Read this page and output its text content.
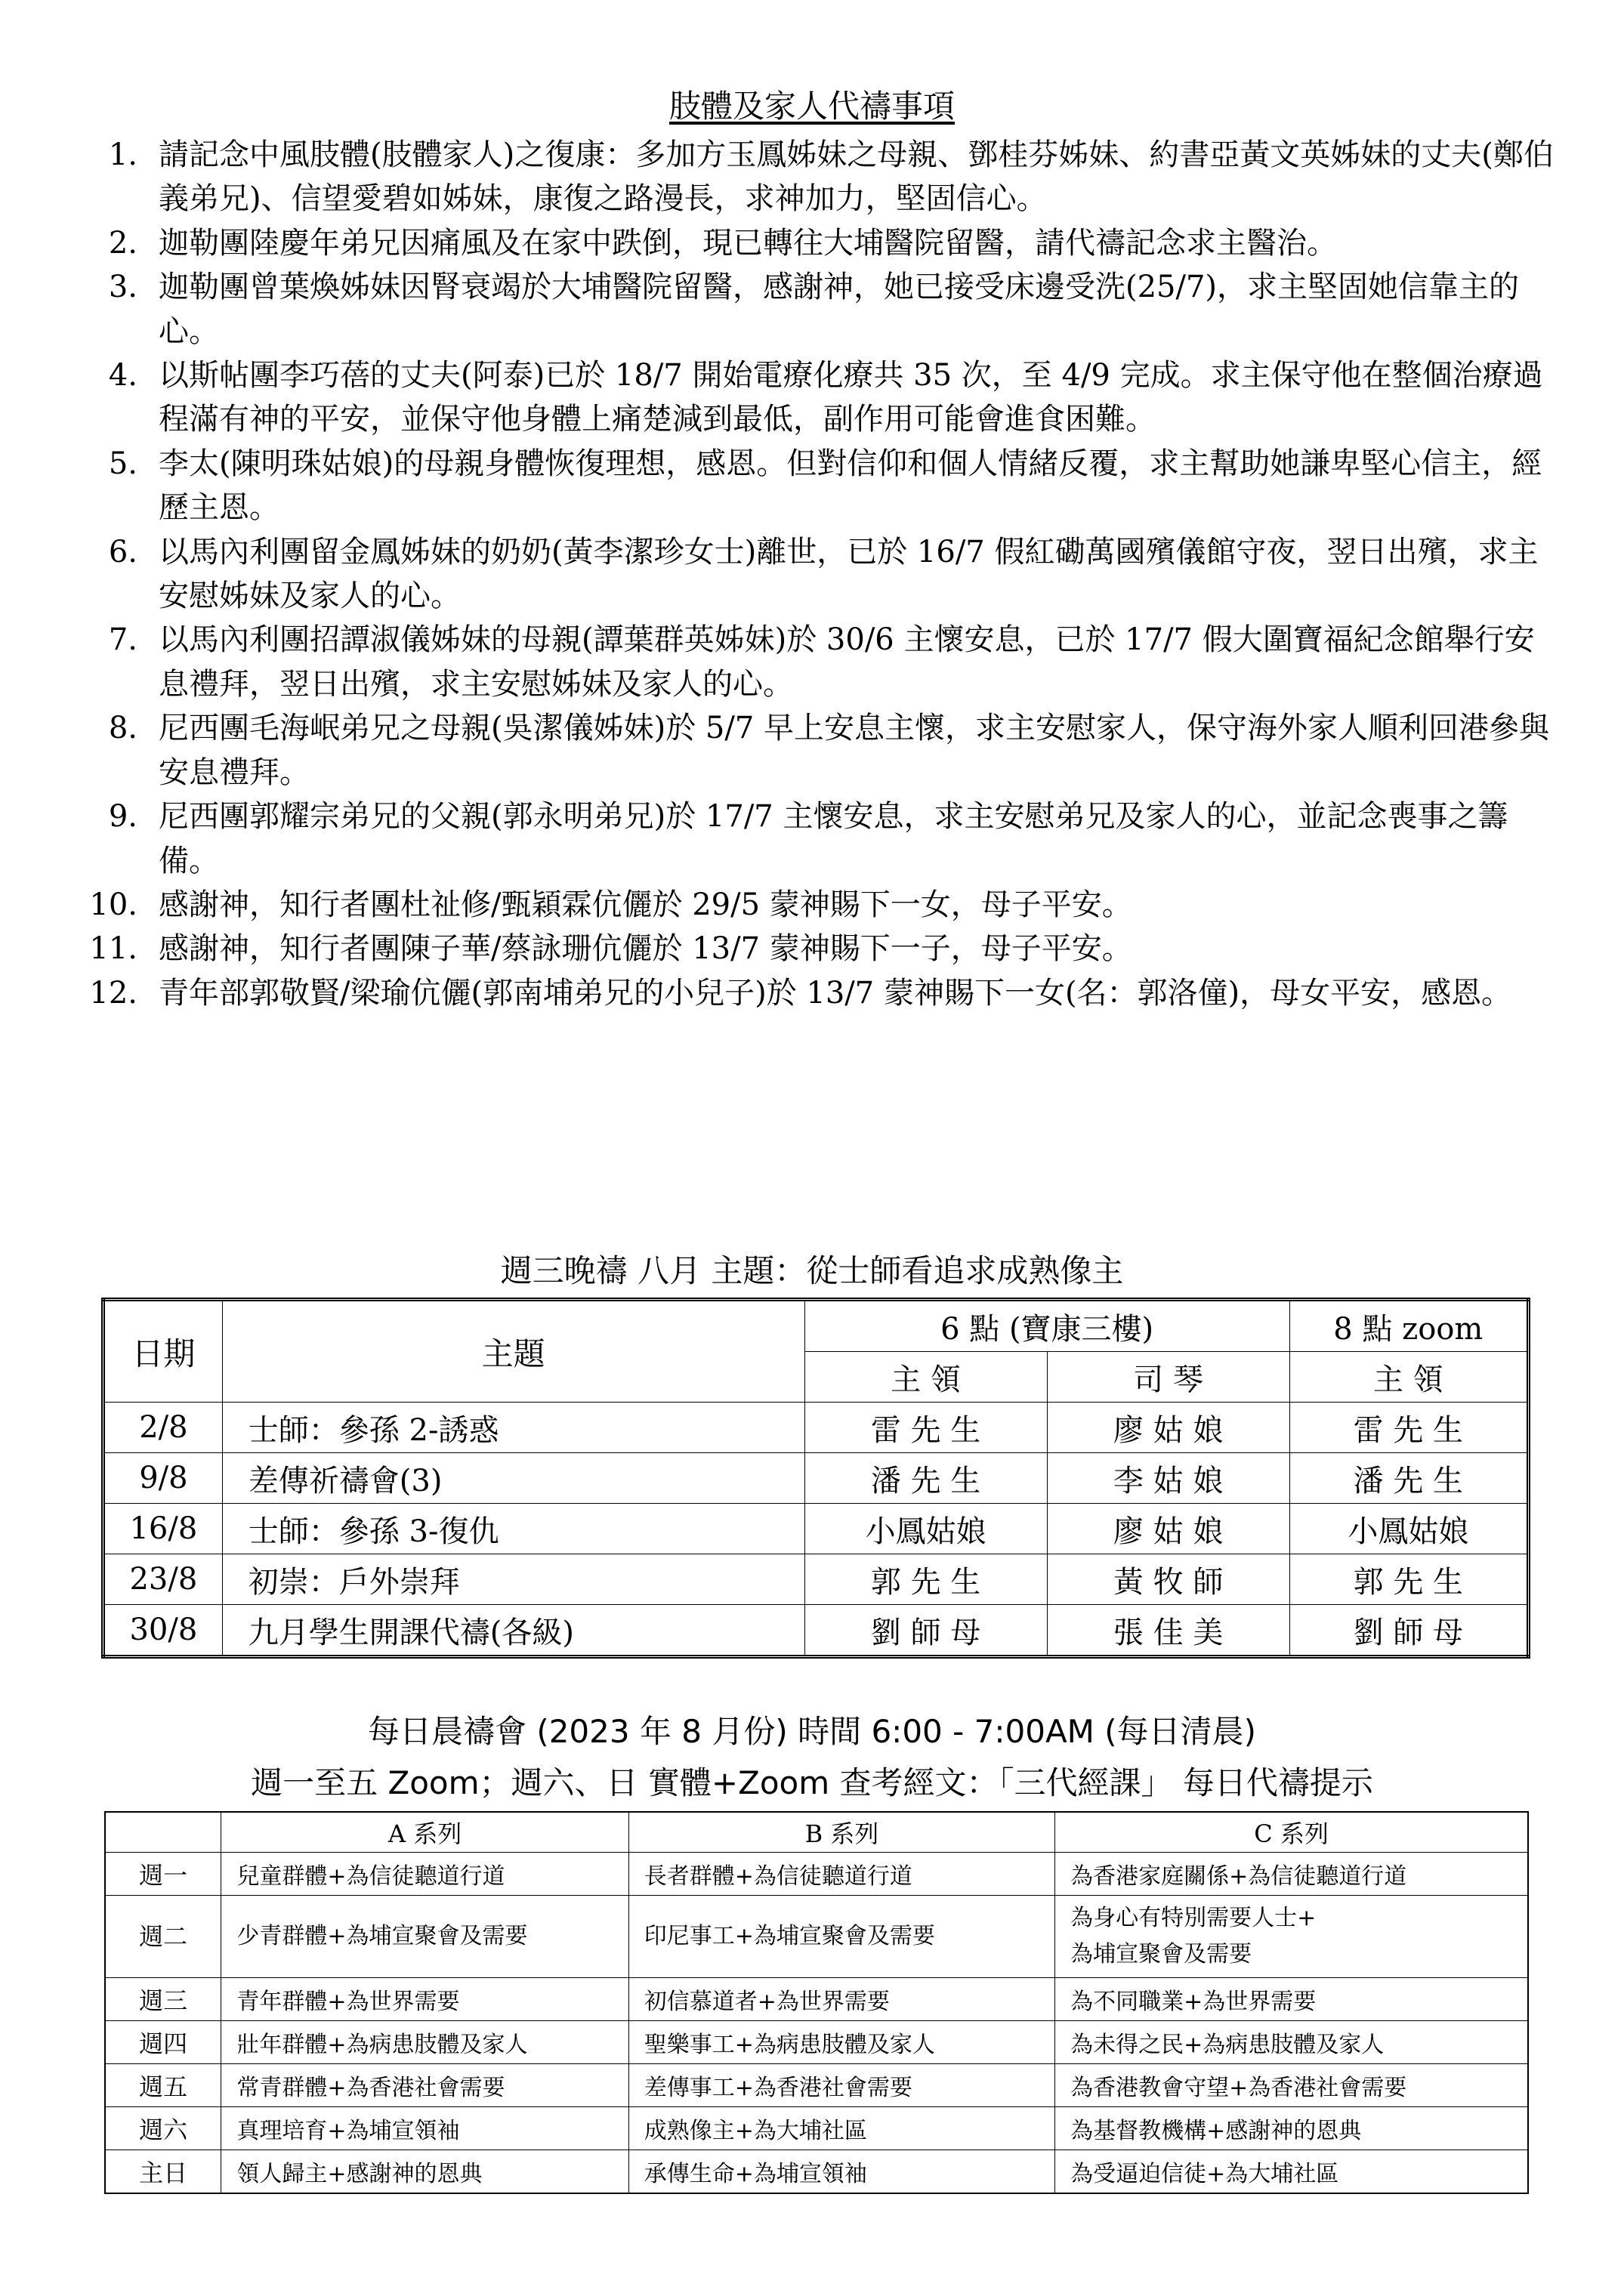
肢體及家人代禱事項
1. 請記念中風肢體(肢體家人)之復康：多加方玉鳳姊妹之母親、鄧桂芬姊妹、約書亞黃文英姊妹的丈夫(鄭伯義弟兄)、信望愛碧如姊妹，康復之路漫長，求神加力，堅固信心。
2. 迦勒團陸慶年弟兄因痛風及在家中跌倒，現已轉往大埔醫院留醫，請代禱記念求主醫治。
3. 迦勒團曾葉煥姊妹因腎衰竭於大埔醫院留醫，感謝神，她已接受床邊受洗(25/7)，求主堅固她信靠主的心。
4. 以斯帖團李巧蓓的丈夫(阿泰)已於 18/7 開始電療化療共 35 次，至 4/9 完成。求主保守他在整個治療過程滿有神的平安，並保守他身體上痛楚減到最低，副作用可能會進食困難。
5. 李太(陳明珠姑娘)的母親身體恢復理想，感恩。但對信仰和個人情緒反覆，求主幫助她謙卑堅心信主，經歷主恩。
6. 以馬內利團留金鳳姊妹的奶奶(黃李潔珍女士)離世，已於 16/7 假紅磡萬國殯儀館守夜，翌日出殯，求主安慰姊妹及家人的心。
7. 以馬內利團招譚淑儀姊妹的母親(譚葉群英姊妹)於 30/6 主懷安息，已於 17/7 假大圍寶福紀念館舉行安息禮拜，翌日出殯，求主安慰姊妹及家人的心。
8. 尼西團毛海岷弟兄之母親(吳潔儀姊妹)於 5/7 早上安息主懷，求主安慰家人，保守海外家人順利回港參與安息禮拜。
9. 尼西團郭耀宗弟兄的父親(郭永明弟兄)於 17/7 主懷安息，求主安慰弟兄及家人的心，並記念喪事之籌備。
10. 感謝神，知行者團杜祉修/甄穎霖伉儷於 29/5 蒙神賜下一女，母子平安。
11. 感謝神，知行者團陳子華/蔡詠珊伉儷於 13/7 蒙神賜下一子，母子平安。
12. 青年部郭敬賢/梁瑜伉儷(郭南埔弟兄的小兒子)於 13/7 蒙神賜下一女(名：郭洛僮)，母女平安，感恩。
週三晚禱 八月 主題：從士師看追求成熟像主
日期	主題	6 點 (寶康三樓)		8 點 zoom
		主 領	司 琴	主 領
2/8	士師：參孫 2-誘惑	雷 先 生	廖 姑 娘	雷 先 生
9/8	差傳祈禱會(3)	潘 先 生	李 姑 娘	潘 先 生
16/8	士師：參孫 3-復仇	小鳳姑娘	廖 姑 娘	小鳳姑娘
23/8	初崇：戶外崇拜	郭 先 生	黃 牧 師	郭 先 生
30/8	九月學生開課代禱(各級)	劉 師 母	張 佳 美	劉 師 母
每日晨禱會 (2023 年 8 月份) 時間 6:00 - 7:00AM (每日清晨)
週一至五 Zoom；週六、日 實體+Zoom 查考經文：「三代經課」 每日代禱提示
	A 系列	B 系列	C 系列
週一	兒童群體+為信徒聽道行道	長者群體+為信徒聽道行道	為香港家庭關係+為信徒聽道行道
週二	少青群體+為埔宣聚會及需要	印尼事工+為埔宣聚會及需要	為身心有特別需要人士+
為埔宣聚會及需要

週三	青年群體+為世界需要	初信慕道者+為世界需要	為不同職業+為世界需要
週四	壯年群體+為病患肢體及家人	聖樂事工+為病患肢體及家人	為未得之民+為病患肢體及家人
週五	常青群體+為香港社會需要	差傳事工+為香港社會需要	為香港教會守望+為香港社會需要
週六	真理培育+為埔宣領袖	成熟像主+為大埔社區	為基督教機構+感謝神的恩典
主日	領人歸主+感謝神的恩典	承傳生命+為埔宣領袖	為受逼迫信徒+為大埔社區
